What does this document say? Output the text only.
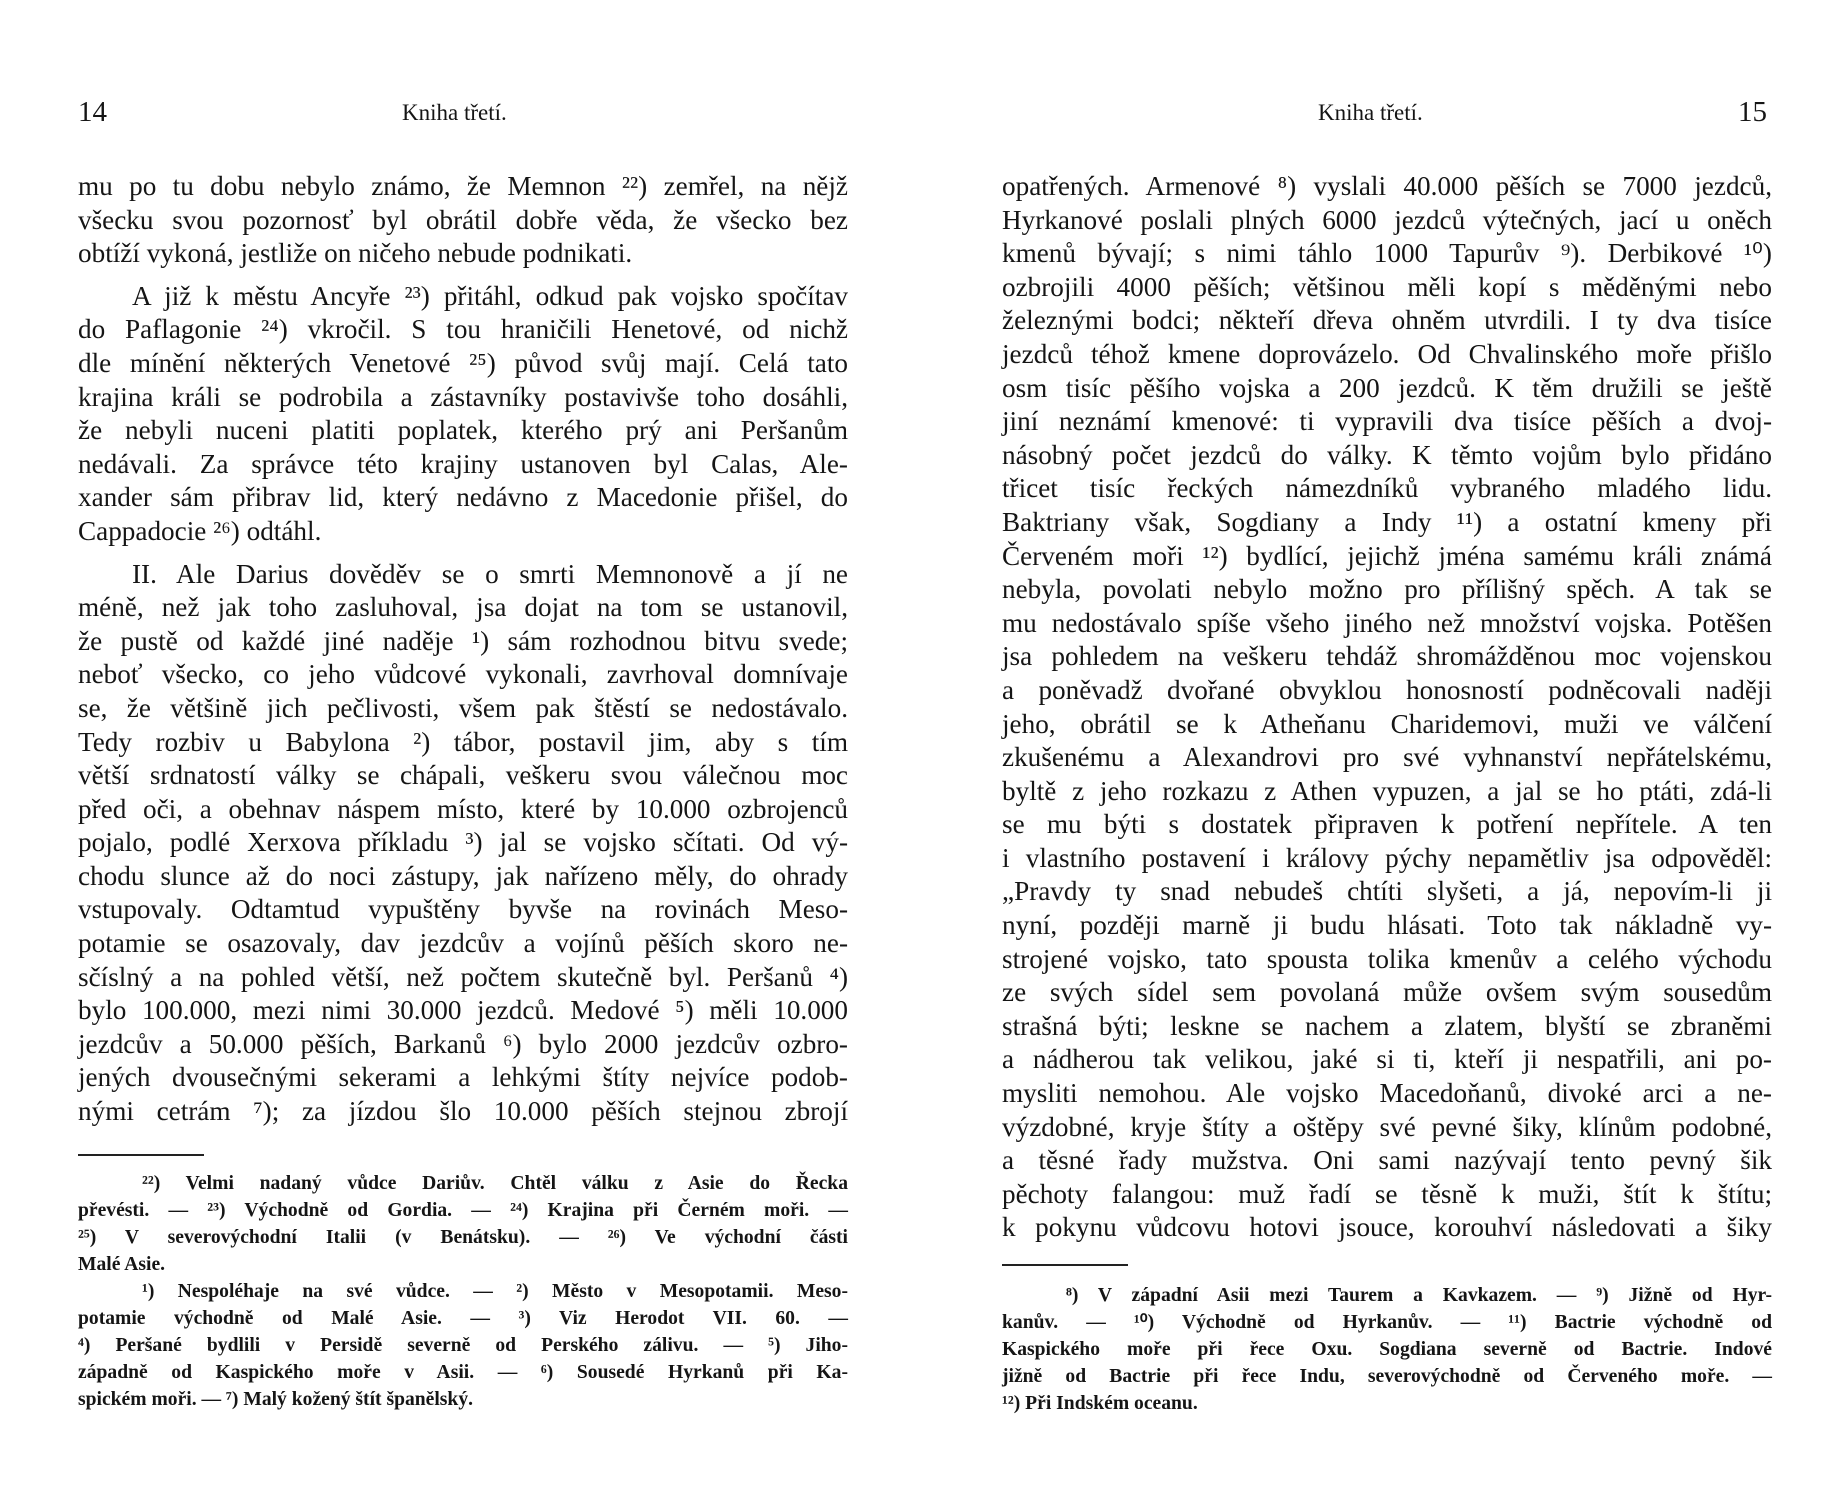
14	Kniha třetí.

mu po tu dobu nebylo známo, že Memnon ²²) zemřel, na nějž
všecku svou pozornosť byl obrátil dobře věda, že všecko bez
obtíží vykoná, jestliže on ničeho nebude podnikati.

A již k městu Ancyře ²³) přitáhl, odkud pak vojsko spočítav
do Paflagonie ²⁴) vkročil. S tou hraničili Henetové, od nichž
dle mínění některých Venetové ²⁵) původ svůj mají. Celá tato
krajina králi se podrobila a zástavníky postavivše toho dosáhli,
že nebyli nuceni platiti poplatek, kterého prý ani Peršanům
nedávali. Za správce této krajiny ustanoven byl Calas, Ale-
xander sám přibrav lid, který nedávno z Macedonie přišel, do
Cappadocie ²⁶) odtáhl.

II. Ale Darius dověděv se o smrti Memnonově a jí ne
méně, než jak toho zasluhoval, jsa dojat na tom se ustanovil,
že pustě od každé jiné naděje ¹) sám rozhodnou bitvu svede;
neboť všecko, co jeho vůdcové vykonali, zavrhoval domnívaje
se, že většině jich pečlivosti, všem pak štěstí se nedostávalo.
Tedy rozbiv u Babylona ²) tábor, postavil jim, aby s tím
větší srdnatostí války se chápali, veškeru svou válečnou moc
před oči, a obehnav náspem místo, které by 10.000 ozbrojenců
pojalo, podlé Xerxova příkladu ³) jal se vojsko sčítati. Od vý-
chodu slunce až do noci zástupy, jak nařízeno měly, do ohrady
vstupovaly. Odtamtud vypuštěny byvše na rovinách Meso-
potamie se osazovaly, dav jezdcův a vojínů pěších skoro ne-
sčíslný a na pohled větší, než počtem skutečně byl. Peršanů ⁴)
bylo 100.000, mezi nimi 30.000 jezdců. Medové ⁵) měli 10.000
jezdcův a 50.000 pěších, Barkanů ⁶) bylo 2000 jezdcův ozbro-
jených dvousečnými sekerami a lehkými štíty nejvíce podob-
nými cetrám ⁷); za jízdou šlo 10.000 pěších stejnou zbrojí

²²) Velmi nadaný vůdce Dariův. Chtěl válku z Asie do Řecka
převésti. — ²³) Východně od Gordia. — ²⁴) Krajina při Černém moři. —
²⁵) V severovýchodní Italii (v Benátsku). — ²⁶) Ve východní části
Malé Asie.
¹) Nespoléhaje na své vůdce. — ²) Město v Mesopotamii. Meso-
potamie východně od Malé Asie. — ³) Viz Herodot VII. 60. —
⁴) Peršané bydlili v Persidě severně od Perského zálivu. — ⁵) Jiho-
západně od Kaspického moře v Asii. — ⁶) Sousedé Hyrkanů při Ka-
spickém moři. — ⁷) Malý kožený štít španělský.
Kniha třetí.	15

opatřených. Armenové ⁸) vyslali 40.000 pěších se 7000 jezdců,
Hyrkanové poslali plných 6000 jezdců výtečných, jací u oněch
kmenů bývají; s nimi táhlo 1000 Tapurův ⁹). Derbikové ¹⁰)
ozbrojili 4000 pěších; většinou měli kopí s měděnými nebo
železnými bodci; někteří dřeva ohněm utvrdili. I ty dva tisíce
jezdců téhož kmene doprovázelo. Od Chvalinského moře přišlo
osm tisíc pěšího vojska a 200 jezdců. K těm družili se ještě
jiní neznámí kmenové: ti vypravili dva tisíce pěších a dvoj-
násobný počet jezdců do války. K těmto vojům bylo přidáno
třicet tisíc řeckých námezdníků vybraného mladého lidu.
Baktriany však, Sogdiany a Indy ¹¹) a ostatní kmeny při
Červeném moři ¹²) bydlící, jejichž jména samému králi známá
nebyla, povolati nebylo možno pro přílišný spěch. A tak se
mu nedostávalo spíše všeho jiného než množství vojska. Potěšen
jsa pohledem na veškeru tehdáž shromážděnou moc vojenskou
a poněvadž dvořané obvyklou honosností podněcovali naději
jeho, obrátil se k Atheňanu Charidemovi, muži ve válčení
zkušenému a Alexandrovi pro své vyhnanství nepřátelskému,
byltě z jeho rozkazu z Athen vypuzen, a jal se ho ptáti, zdá-li
se mu býti s dostatek připraven k potření nepřítele. A ten
i vlastního postavení i královy pýchy nepamětliv jsa odpověděl:
„Pravdy ty snad nebudeš chtíti slyšeti, a já, nepovím-li ji
nyní, později marně ji budu hlásati. Toto tak nákladně vy-
strojené vojsko, tato spousta tolika kmenův a celého východu
ze svých sídel sem povolaná může ovšem svým sousedům
strašná býti; leskne se nachem a zlatem, blyští se zbraněmi
a nádherou tak velikou, jaké si ti, kteří ji nespatřili, ani po-
mysliti nemohou. Ale vojsko Macedoňanů, divoké arci a ne-
výzdobné, kryje štíty a oštěpy své pevné šiky, klínům podobné,
a těsné řady mužstva. Oni sami nazývají tento pevný šik
pěchoty falangou: muž řadí se těsně k muži, štít k štítu;
k pokynu vůdcovu hotovi jsouce, korouhví následovati a šiky

⁸) V západní Asii mezi Taurem a Kavkazem. — ⁹) Jižně od Hyr-
kanův. — ¹⁰) Východně od Hyrkanův. — ¹¹) Bactrie východně od
Kaspického moře při řece Oxu. Sogdiana severně od Bactrie. Indové
jižně od Bactrie při řece Indu, severovýchodně od Červeného moře. —
¹²) Při Indském oceanu.
